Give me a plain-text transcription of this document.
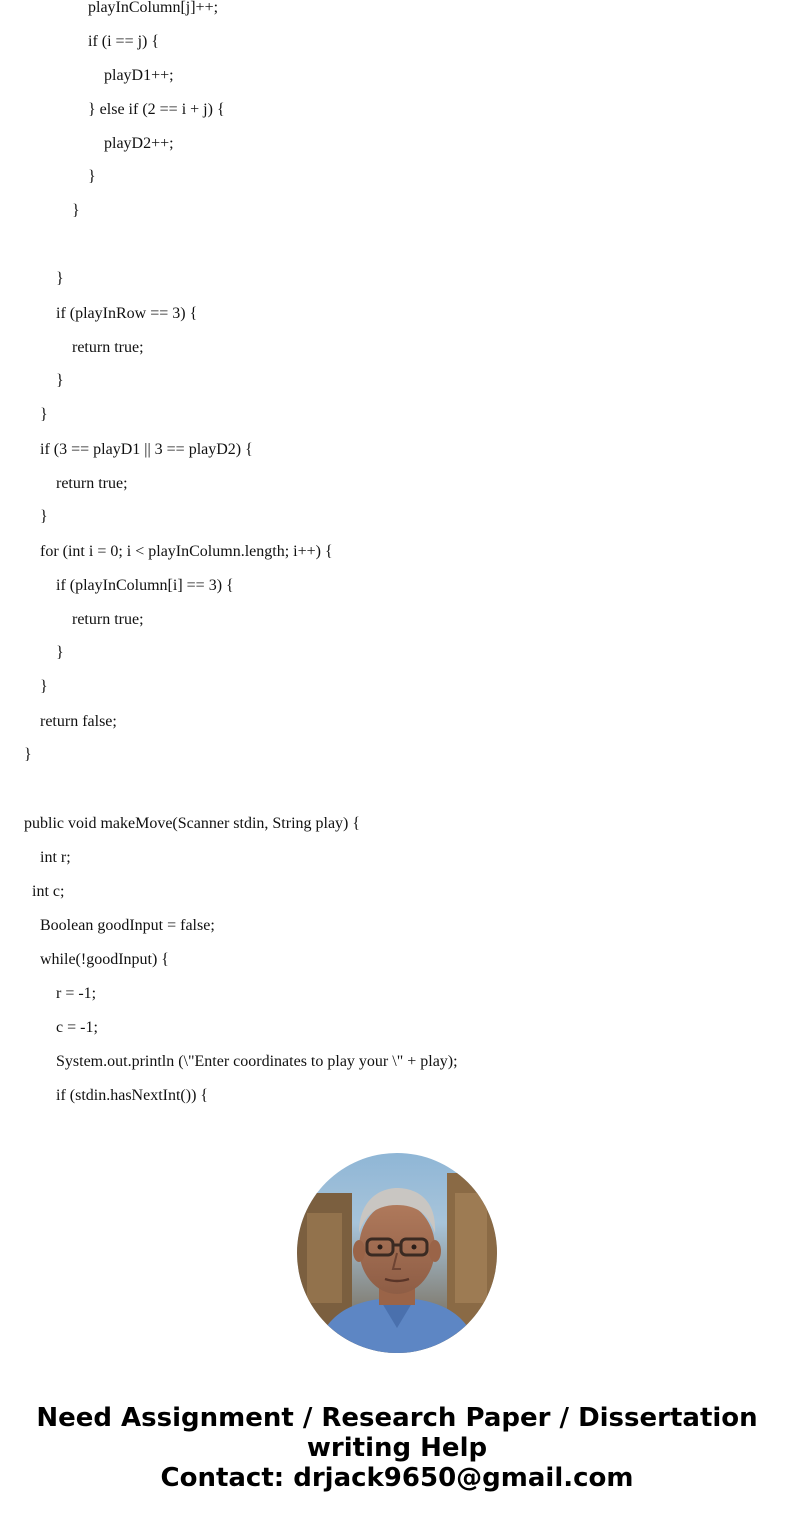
playInColumn[j]++;
if (i == j) {
playD1++;
} else if (2 == i + j) {
playD2++;
}
}
}
if (playInRow == 3) {
return true;
}
}
if (3 == playD1 || 3 == playD2) {
return true;
}
for (int i = 0; i < playInColumn.length; i++) {
if (playInColumn[i] == 3) {
return true;
}
}
return false;
}
public void makeMove(Scanner stdin, String play) {
int r;
int c;
Boolean goodInput = false;
while(!goodInput) {
r = -1;
c = -1;
System.out.println (\"Enter coordinates to play your \" + play);
if (stdin.hasNextInt()) {
Need Assignment / Research Paper / Dissertation
writing Help
Contact: drjack9650@gmail.com
